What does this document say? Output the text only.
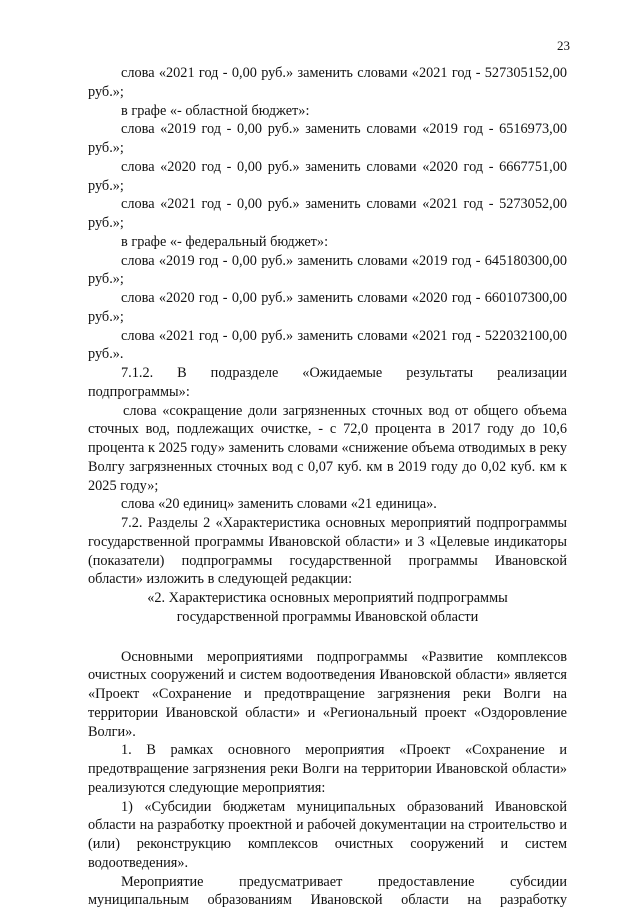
23

слова «2021 год - 0,00 руб.» заменить словами «2021 год - 527305152,00 руб.»;

в графе «- областной бюджет»:

слова «2019 год - 0,00 руб.» заменить словами «2019 год - 6516973,00 руб.»;

слова «2020 год - 0,00 руб.» заменить словами «2020 год - 6667751,00 руб.»;

слова «2021 год - 0,00 руб.» заменить словами «2021 год - 5273052,00 руб.»;

в графе «- федеральный бюджет»:

слова «2019 год - 0,00 руб.» заменить словами «2019 год - 645180300,00 руб.»;

слова «2020 год - 0,00 руб.» заменить словами «2020 год - 660107300,00 руб.»;

слова «2021 год - 0,00 руб.» заменить словами «2021 год - 522032100,00 руб.».

7.1.2. В подразделе «Ожидаемые результаты реализации подпрограммы»:

слова «сокращение доли загрязненных сточных вод от общего объема сточных вод, подлежащих очистке, - с 72,0 процента в 2017 году до 10,6 процента к 2025 году» заменить словами «снижение объема отводимых в реку Волгу загрязненных сточных вод с 0,07 куб. км в 2019 году до 0,02 куб. км к 2025 году»;

слова «20 единиц» заменить словами «21 единица».

7.2. Разделы 2 «Характеристика основных мероприятий подпрограммы государственной программы Ивановской области» и 3 «Целевые индикаторы (показатели) подпрограммы государственной программы Ивановской области» изложить в следующей редакции:

«2. Характеристика основных мероприятий подпрограммы

государственной программы Ивановской области

Основными мероприятиями подпрограммы «Развитие комплексов очистных сооружений и систем водоотведения Ивановской области» является «Проект «Сохранение и предотвращение загрязнения реки Волги на территории Ивановской области» и «Региональный проект «Оздоровление Волги».

1. В рамках основного мероприятия «Проект «Сохранение и предотвращение загрязнения реки Волги на территории Ивановской области» реализуются следующие мероприятия:

1) «Субсидии бюджетам муниципальных образований Ивановской области на разработку проектной и рабочей документации на строительство и (или) реконструкцию комплексов очистных сооружений и систем водоотведения».

Мероприятие предусматривает предоставление субсидии муниципальным образованиям Ивановской области на разработку
